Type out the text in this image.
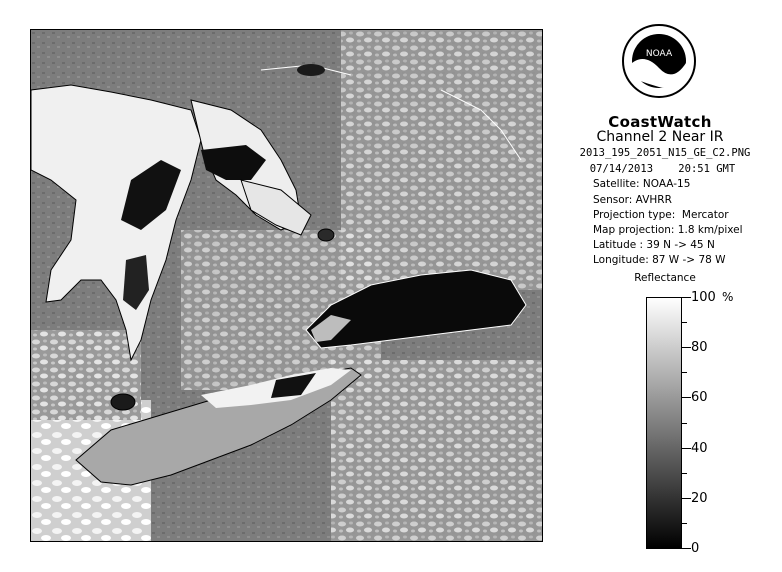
NOAA
CoastWatch
Channel 2 Near IR
2013_195_2051_N15_GE_C2.PNG
07/14/2013    20:51 GMT
Satellite: NOAA-15
Sensor: AVHRR
Projection type:  Mercator
Map projection: 1.8 km/pixel
Latitude : 39 N -> 45 N
Longitude: 87 W -> 78 W
Reflectance
%
100
80
60
40
20
0
